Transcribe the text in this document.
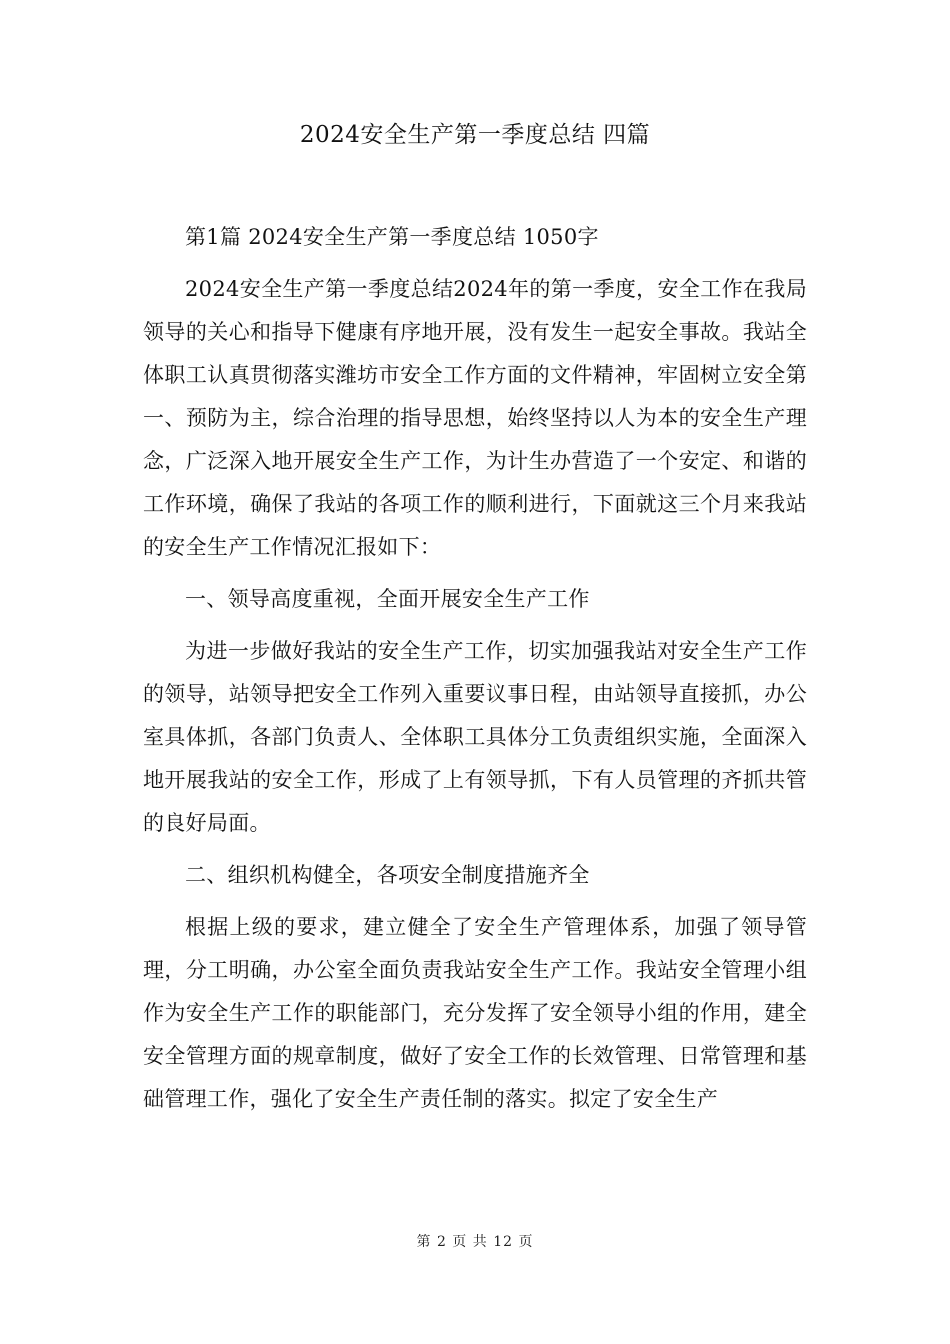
2024安全生产第一季度总结 四篇

第1篇 2024安全生产第一季度总结 1050字

2024安全生产第一季度总结2024年的第一季度，安全工作在我局领导的关心和指导下健康有序地开展，没有发生一起安全事故。我站全体职工认真贯彻落实潍坊市安全工作方面的文件精神，牢固树立安全第一、预防为主，综合治理的指导思想，始终坚持以人为本的安全生产理念，广泛深入地开展安全生产工作，为计生办营造了一个安定、和谐的工作环境，确保了我站的各项工作的顺利进行，下面就这三个月来我站的安全生产工作情况汇报如下：

一、领导高度重视，全面开展安全生产工作

为进一步做好我站的安全生产工作，切实加强我站对安全生产工作的领导，站领导把安全工作列入重要议事日程，由站领导直接抓，办公室具体抓，各部门负责人、全体职工具体分工负责组织实施，全面深入地开展我站的安全工作，形成了上有领导抓，下有人员管理的齐抓共管的良好局面。

二、组织机构健全，各项安全制度措施齐全

根据上级的要求，建立健全了安全生产管理体系，加强了领导管理，分工明确，办公室全面负责我站安全生产工作。我站安全管理小组作为安全生产工作的职能部门，充分发挥了安全领导小组的作用，建全安全管理方面的规章制度，做好了安全工作的长效管理、日常管理和基础管理工作，强化了安全生产责任制的落实。拟定了安全生产

第 2 页 共 12 页
